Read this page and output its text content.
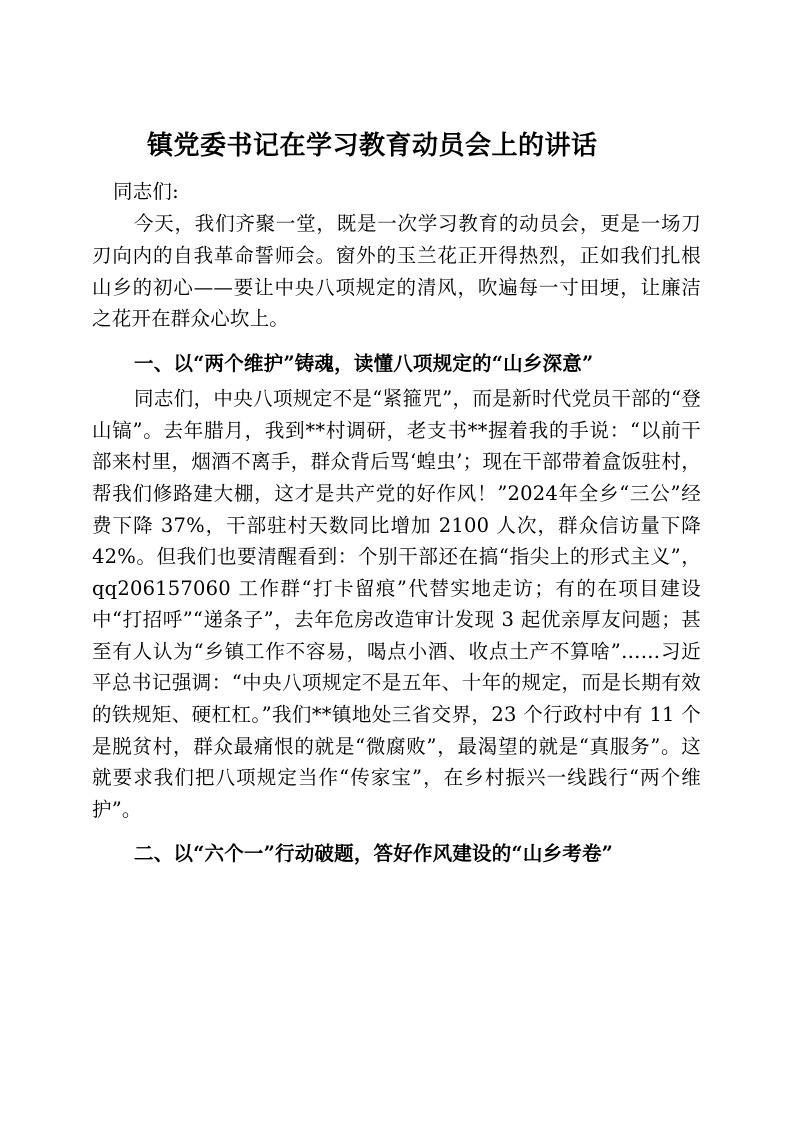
镇党委书记在学习教育动员会上的讲话

同志们:

今天，我们齐聚一堂，既是一次学习教育的动员会，更是一场刀刃向内的自我革命誓师会。窗外的玉兰花正开得热烈，正如我们扎根山乡的初心——要让中央八项规定的清风，吹遍每一寸田埂，让廉洁之花开在群众心坎上。

一、以“两个维护”铸魂，读懂八项规定的“山乡深意”

同志们，中央八项规定不是“紧箍咒”，而是新时代党员干部的“登山镐”。去年腊月，我到**村调研，老支书**握着我的手说：“以前干部来村里，烟酒不离手，群众背后骂‘蝗虫’；现在干部带着盒饭驻村，帮我们修路建大棚，这才是共产党的好作风！”2024年全乡“三公”经费下降 37%，干部驻村天数同比增加 2100 人次，群众信访量下降 42%。但我们也要清醒看到：个别干部还在搞“指尖上的形式主义”，qq206157060 工作群“打卡留痕”代替实地走访；有的在项目建设中“打招呼”“递条子”，去年危房改造审计发现 3 起优亲厚友问题；甚至有人认为“乡镇工作不容易，喝点小酒、收点土产不算啥”……习近平总书记强调：“中央八项规定不是五年、十年的规定，而是长期有效的铁规矩、硬杠杠。”我们**镇地处三省交界，23 个行政村中有 11 个是脱贫村，群众最痛恨的就是“微腐败”，最渴望的就是“真服务”。这就要求我们把八项规定当作“传家宝”，在乡村振兴一线践行“两个维护”。

二、以“六个一”行动破题，答好作风建设的“山乡考卷”
